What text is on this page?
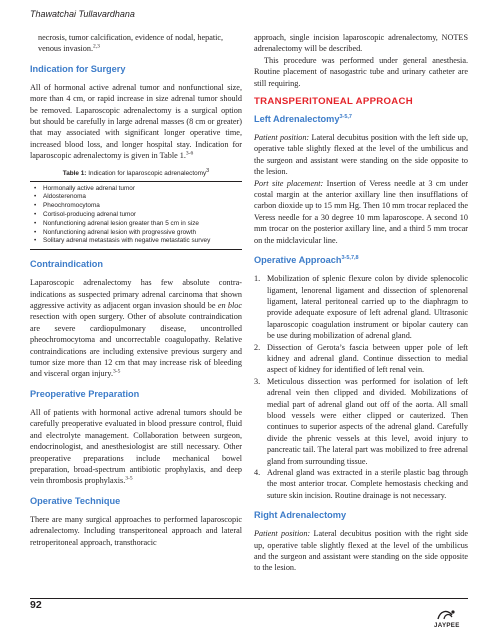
Thawatchai Tullavardhana

necrosis, tumor calcification, evidence of nodal, hepatic, venous invasion.$^{2,3}$

Indication for Surgery

All of hormonal active adrenal tumor and nonfunctional size, more than 4 cm, or rapid increase in size adrenal tumor should be removed. Laparoscopic adrenalectomy is a surgical option but should be carefully in large adrenal masses (8 cm or greater) that may associated with significant longer operative time, increased blood loss, and longer hospital stay. Indication for laparoscopic adrenalectomy is given in Table 1.$^{3-6}$

Table 1: Indication for laparoscopic adrenalectomy$^3$
•	Hormonally active adrenal tumor
•	Aldosterenoma
•	Pheochromocytoma
•	Cortisol-producing adrenal tumor
•	Nonfunctioning adrenal lesion greater than 5 cm in size
•	Nonfunctioning adrenal lesion with progressive growth
•	Solitary adrenal metastasis with negative metastatic survey
Contraindication

Laparoscopic adrenalectomy has few absolute contra-indications as suspected primary adrenal carcinoma that shown aggressive activity as adjacent organ invasion should be en bloc resection with open surgery. Other of absolute contraindication are severe cardiopulmonary disease, uncontrolled pheochromocytoma and uncorrectable coagulopathy. Relative contraindications are including extensive previous surgery and tumor size more than 12 cm that may increase risk of bleeding and visceral organ injury.$^{3-5}$

Preoperative Preparation

All of patients with hormonal active adrenal tumors should be carefully preoperative evaluated in blood pressure control, fluid and electrolyte management. Collaboration between surgeon, endocrinologist, and anesthesiologist are still necessary. Other preoperative preparations include mechanical bowel preparation, broad-spectrum antibiotic prophylaxis, and deep vein thrombosis prophylaxis.$^{3-5}$

Operative Technique

There are many surgical approaches to performed laparoscopic adrenalectomy. Including transperitoneal approach and lateral retroperitoneal approach, transthoracic

approach, single incision laparoscopic adrenalectomy, NOTES adrenalectomy will be described.

This procedure was performed under general anesthesia. Routine placement of nasogastric tube and urinary catheter are still requiring.

TRANSPERITONEAL APPROACH
Left Adrenalectomy$^{3-5,7}$

Patient position: Lateral decubitus position with the left side up, operative table slightly flexed at the level of the umbilicus and the surgeon and assistant were standing on the side opposite to the lesion.

Port site placement: Insertion of Veress needle at 3 cm under costal margin at the anterior axillary line then insufflations of carbon dioxide up to 15 mm Hg. Then 10 mm trocar replaced the Veress needle for a 30 degree 10 mm laparoscope. A second 10 mm trocar on the posterior axillary line, and a third 5 mm trocar on the midclavicular line.

Operative Approach$^{3-5,7,8}$
1. Mobilization of splenic flexure colon by divide splenocolic ligament, lenorenal ligament and dissection of splenorenal ligament, lateral peritoneal carried up to the diaphragm to provide adequate exposure of left adrenal gland. Ultrasonic laparoscopic coagulation instrument or bipolar cautery can be use during mobilization of adrenal gland.
2. Dissection of Gerota’s fascia between upper pole of left kidney and adrenal gland. Continue dissection to medial aspect of kidney for identified of left renal vein.
3. Meticulous dissection was performed for isolation of left adrenal vein then clipped and divided. Mobilizations of medial part of adrenal gland out off of the aorta. All small blood vessels were either clipped or cauterized. Then continues to superior aspects of the adrenal gland. Carefully divide the phrenic vessels at this level, avoid injury to pancreatic tail. The lateral part was mobilized to free adrenal gland from surrounding tissue.
4. Adrenal gland was extracted in a sterile plastic bag through the most anterior trocar. Complete hemostasis checking and suture skin incision. Routine drainage is not necessary.
Right Adrenalectomy

Patient position: Lateral decubitus position with the right side up, operative table slightly flexed at the level of the umbilicus and the surgeon and assistant were standing on the side opposite to the lesion.

92
JAYPEE
